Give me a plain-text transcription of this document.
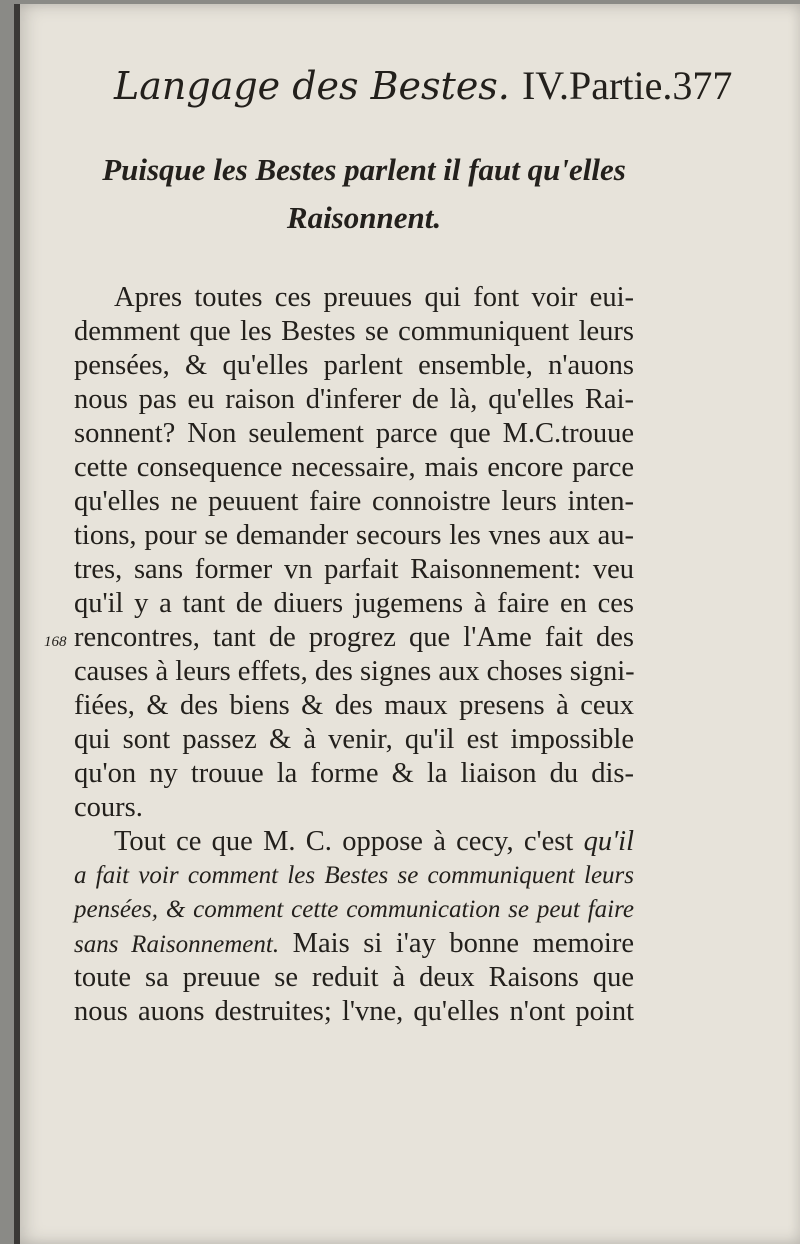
Langage des Bestes. IV.Partie.377
Puisque les Bestes parlent il faut qu'elles
Raisonnent.
Apres toutes ces preuues qui font voir eui-
demment que les Bestes se communiquent leurs
pensées, & qu'elles parlent ensemble, n'auons
nous pas eu raison d'inferer de là, qu'elles Rai-
sonnent? Non seulement parce que M.C.trouue
cette consequence necessaire, mais encore parce
qu'elles ne peuuent faire connoistre leurs inten-
tions, pour se demander secours les vnes aux au-
tres, sans former vn parfait Raisonnement: veu
qu'il y a tant de diuers jugemens à faire en ces
168 rencontres, tant de progrez que l'Ame fait des
causes à leurs effets, des signes aux choses signi-
fiées, & des biens & des maux presens à ceux
qui sont passez & à venir, qu'il est impossible
qu'on ny trouue la forme & la liaison du dis-
cours.
Tout ce que M. C. oppose à cecy, c'est qu'il
a fait voir comment les Bestes se communiquent leurs
pensées, & comment cette communication se peut faire
sans Raisonnement. Mais si i'ay bonne memoire
toute sa preuue se reduit à deux Raisons que
nous auons destruites; l'vne, qu'elles n'ont point
